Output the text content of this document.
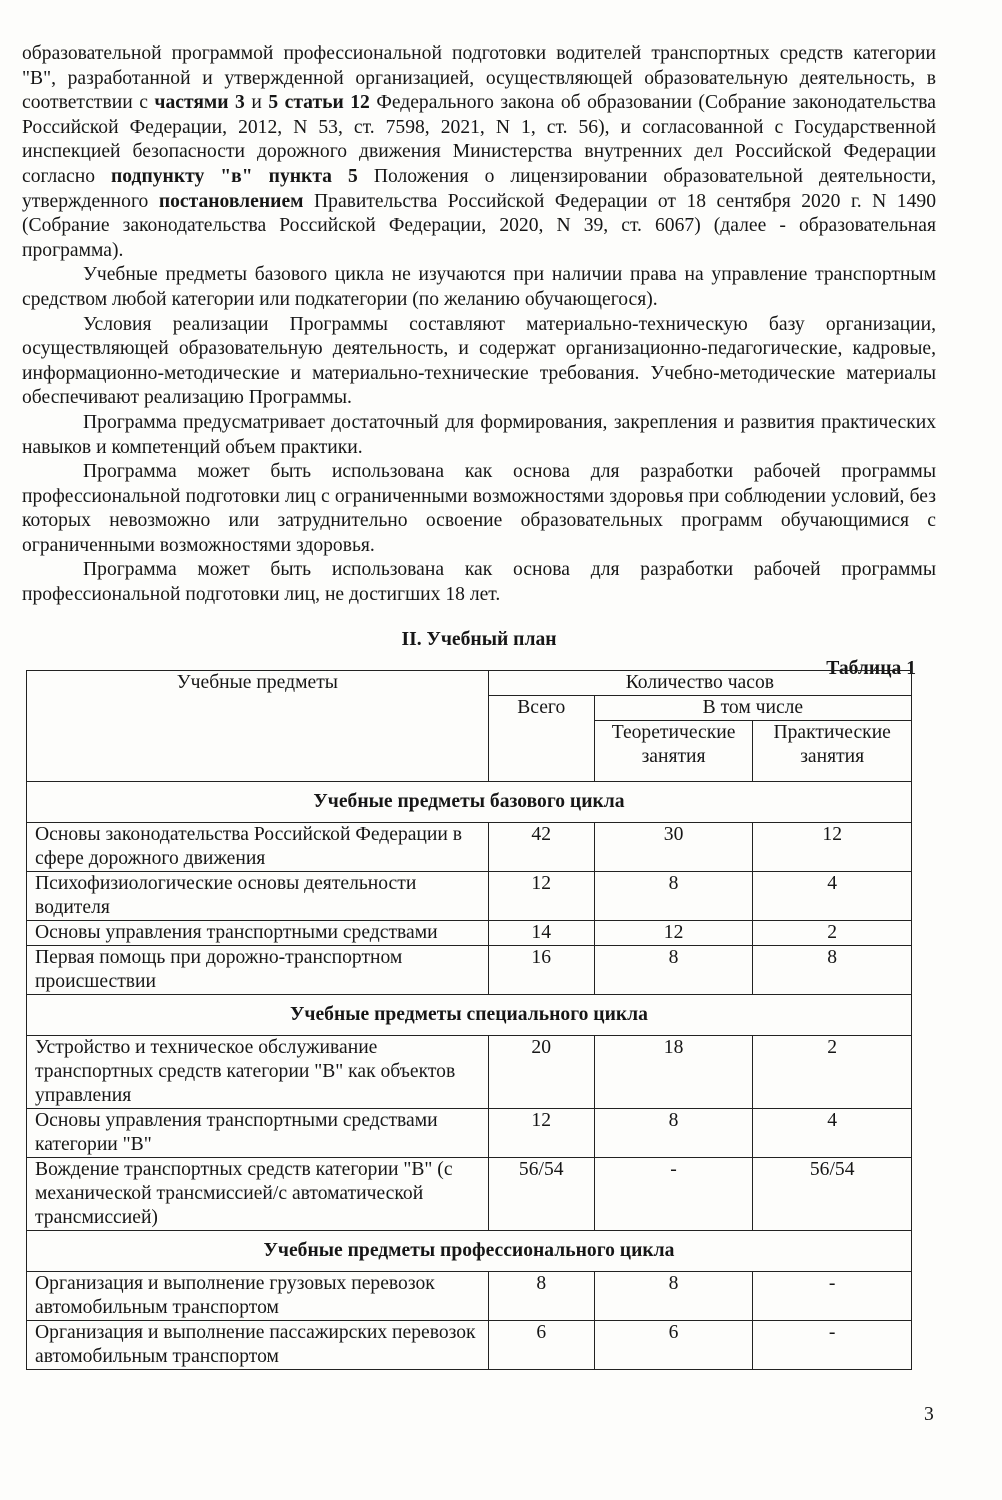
образовательной программой профессиональной подготовки водителей транспортных средств категории "В", разработанной и утвержденной организацией, осуществляющей образовательную деятельность, в соответствии с частями 3 и 5 статьи 12 Федерального закона об образовании (Собрание законодательства Российской Федерации, 2012, N 53, ст. 7598, 2021, N 1, ст. 56), и согласованной с Государственной инспекцией безопасности дорожного движения Министерства внутренних дел Российской Федерации согласно подпункту "в" пункта 5 Положения о лицензировании образовательной деятельности, утвержденного постановлением Правительства Российской Федерации от 18 сентября 2020 г. N 1490 (Собрание законодательства Российской Федерации, 2020, N 39, ст. 6067) (далее - образовательная программа).

Учебные предметы базового цикла не изучаются при наличии права на управление транспортным средством любой категории или подкатегории (по желанию обучающегося).

Условия реализации Программы составляют материально-техническую базу организации, осуществляющей образовательную деятельность, и содержат организационно-педагогические, кадровые, информационно-методические и материально-технические требования. Учебно-методические материалы обеспечивают реализацию Программы.

Программа предусматривает достаточный для формирования, закрепления и развития практических навыков и компетенций объем практики.

Программа может быть использована как основа для разработки рабочей программы профессиональной подготовки лиц с ограниченными возможностями здоровья при соблюдении условий, без которых невозможно или затруднительно освоение образовательных программ обучающимися с ограниченными возможностями здоровья.

Программа может быть использована как основа для разработки рабочей программы профессиональной подготовки лиц, не достигших 18 лет.

II. Учебный план
Таблица 1
Учебные предметы	Количество часов		
	Всего	В том числе	
		Теоретические занятия	Практические занятия
Учебные предметы базового цикла			
Основы законодательства Российской Федерации в сфере дорожного движения	42	30	12
Психофизиологические основы деятельности водителя	12	8	4
Основы управления транспортными средствами	14	12	2
Первая помощь при дорожно-транспортном происшествии	16	8	8
Учебные предметы специального цикла			
Устройство и техническое обслуживание транспортных средств категории "В" как объектов управления	20	18	2
Основы управления транспортными средствами категории "В"	12	8	4
Вождение транспортных средств категории "В" (с механической трансмиссией/с автоматической трансмиссией)	56/54	-	56/54
Учебные предметы профессионального цикла			
Организация и выполнение грузовых перевозок автомобильным транспортом	8	8	-
Организация и выполнение пассажирских перевозок автомобильным транспортом	6	6	-
3
